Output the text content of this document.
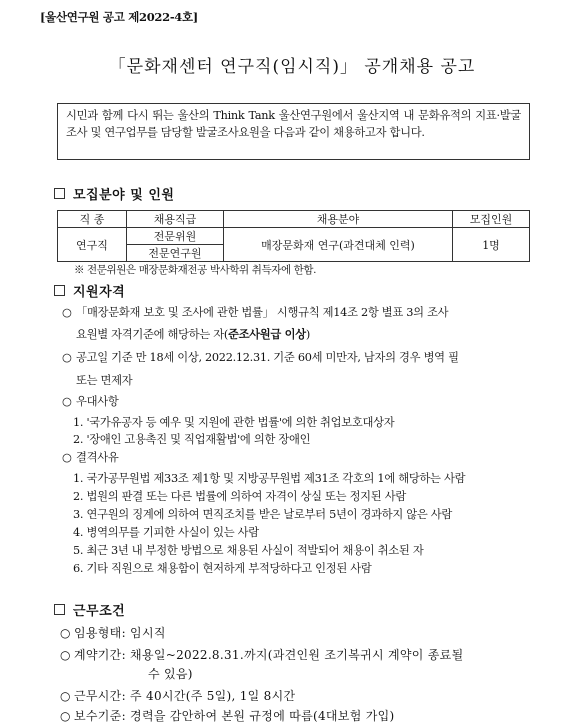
[울산연구원 공고 제2022-4호]
「문화재센터 연구직(임시직)」 공개채용 공고
시민과 함께 다시 뛰는 울산의 Think Tank 울산연구원에서 울산지역 내 문화유적의 지표·발굴조사 및 연구업무를 담당할 발굴조사요원을 다음과 같이 채용하고자 합니다.
모집분야 및 인원
직 종	채용직급	채용분야	모집인원
연구직	전문위원	매장문화재 연구(과견대체 인력)	1명
	전문연구원		
※ 전문위원은 매장문화재전공 박사학위 취득자에 한함.
지원자격
○ 「매장문화재 보호 및 조사에 관한 법률」 시행규칙 제14조 2항 별표 3의 조사
요원별 자격기준에 해당하는 자(준조사원급 이상)
○ 공고일 기준 만 18세 이상, 2022.12.31. 기준 60세 미만자, 남자의 경우 병역 필
또는 면제자
○ 우대사항
1. '국가유공자 등 예우 및 지원에 관한 법률'에 의한 취업보호대상자
2. '장애인 고용촉진 및 직업재활법'에 의한 장애인
○ 결격사유
1. 국가공무원법 제33조 제1항 및 지방공무원법 제31조 각호의 1에 해당하는 사람
2. 법원의 판결 또는 다른 법률에 의하여 자격이 상실 또는 정지된 사람
3. 연구원의 징계에 의하여 면직조치를 받은 날로부터 5년이 경과하지 않은 사람
4. 병역의무를 기피한 사실이 있는 사람
5. 최근 3년 내 부정한 방법으로 채용된 사실이 적발되어 채용이 취소된 자
6. 기타 직원으로 채용함이 현저하게 부적당하다고 인정된 사람
근무조건
○ 임용형태: 임시직
○ 계약기간: 채용일~2022.8.31.까지(과견인원 조기복귀시 계약이 종료될
수 있음)
○ 근무시간: 주 40시간(주 5일), 1일 8시간
○ 보수기준: 경력을 감안하여 본원 규정에 따름(4대보험 가입)
